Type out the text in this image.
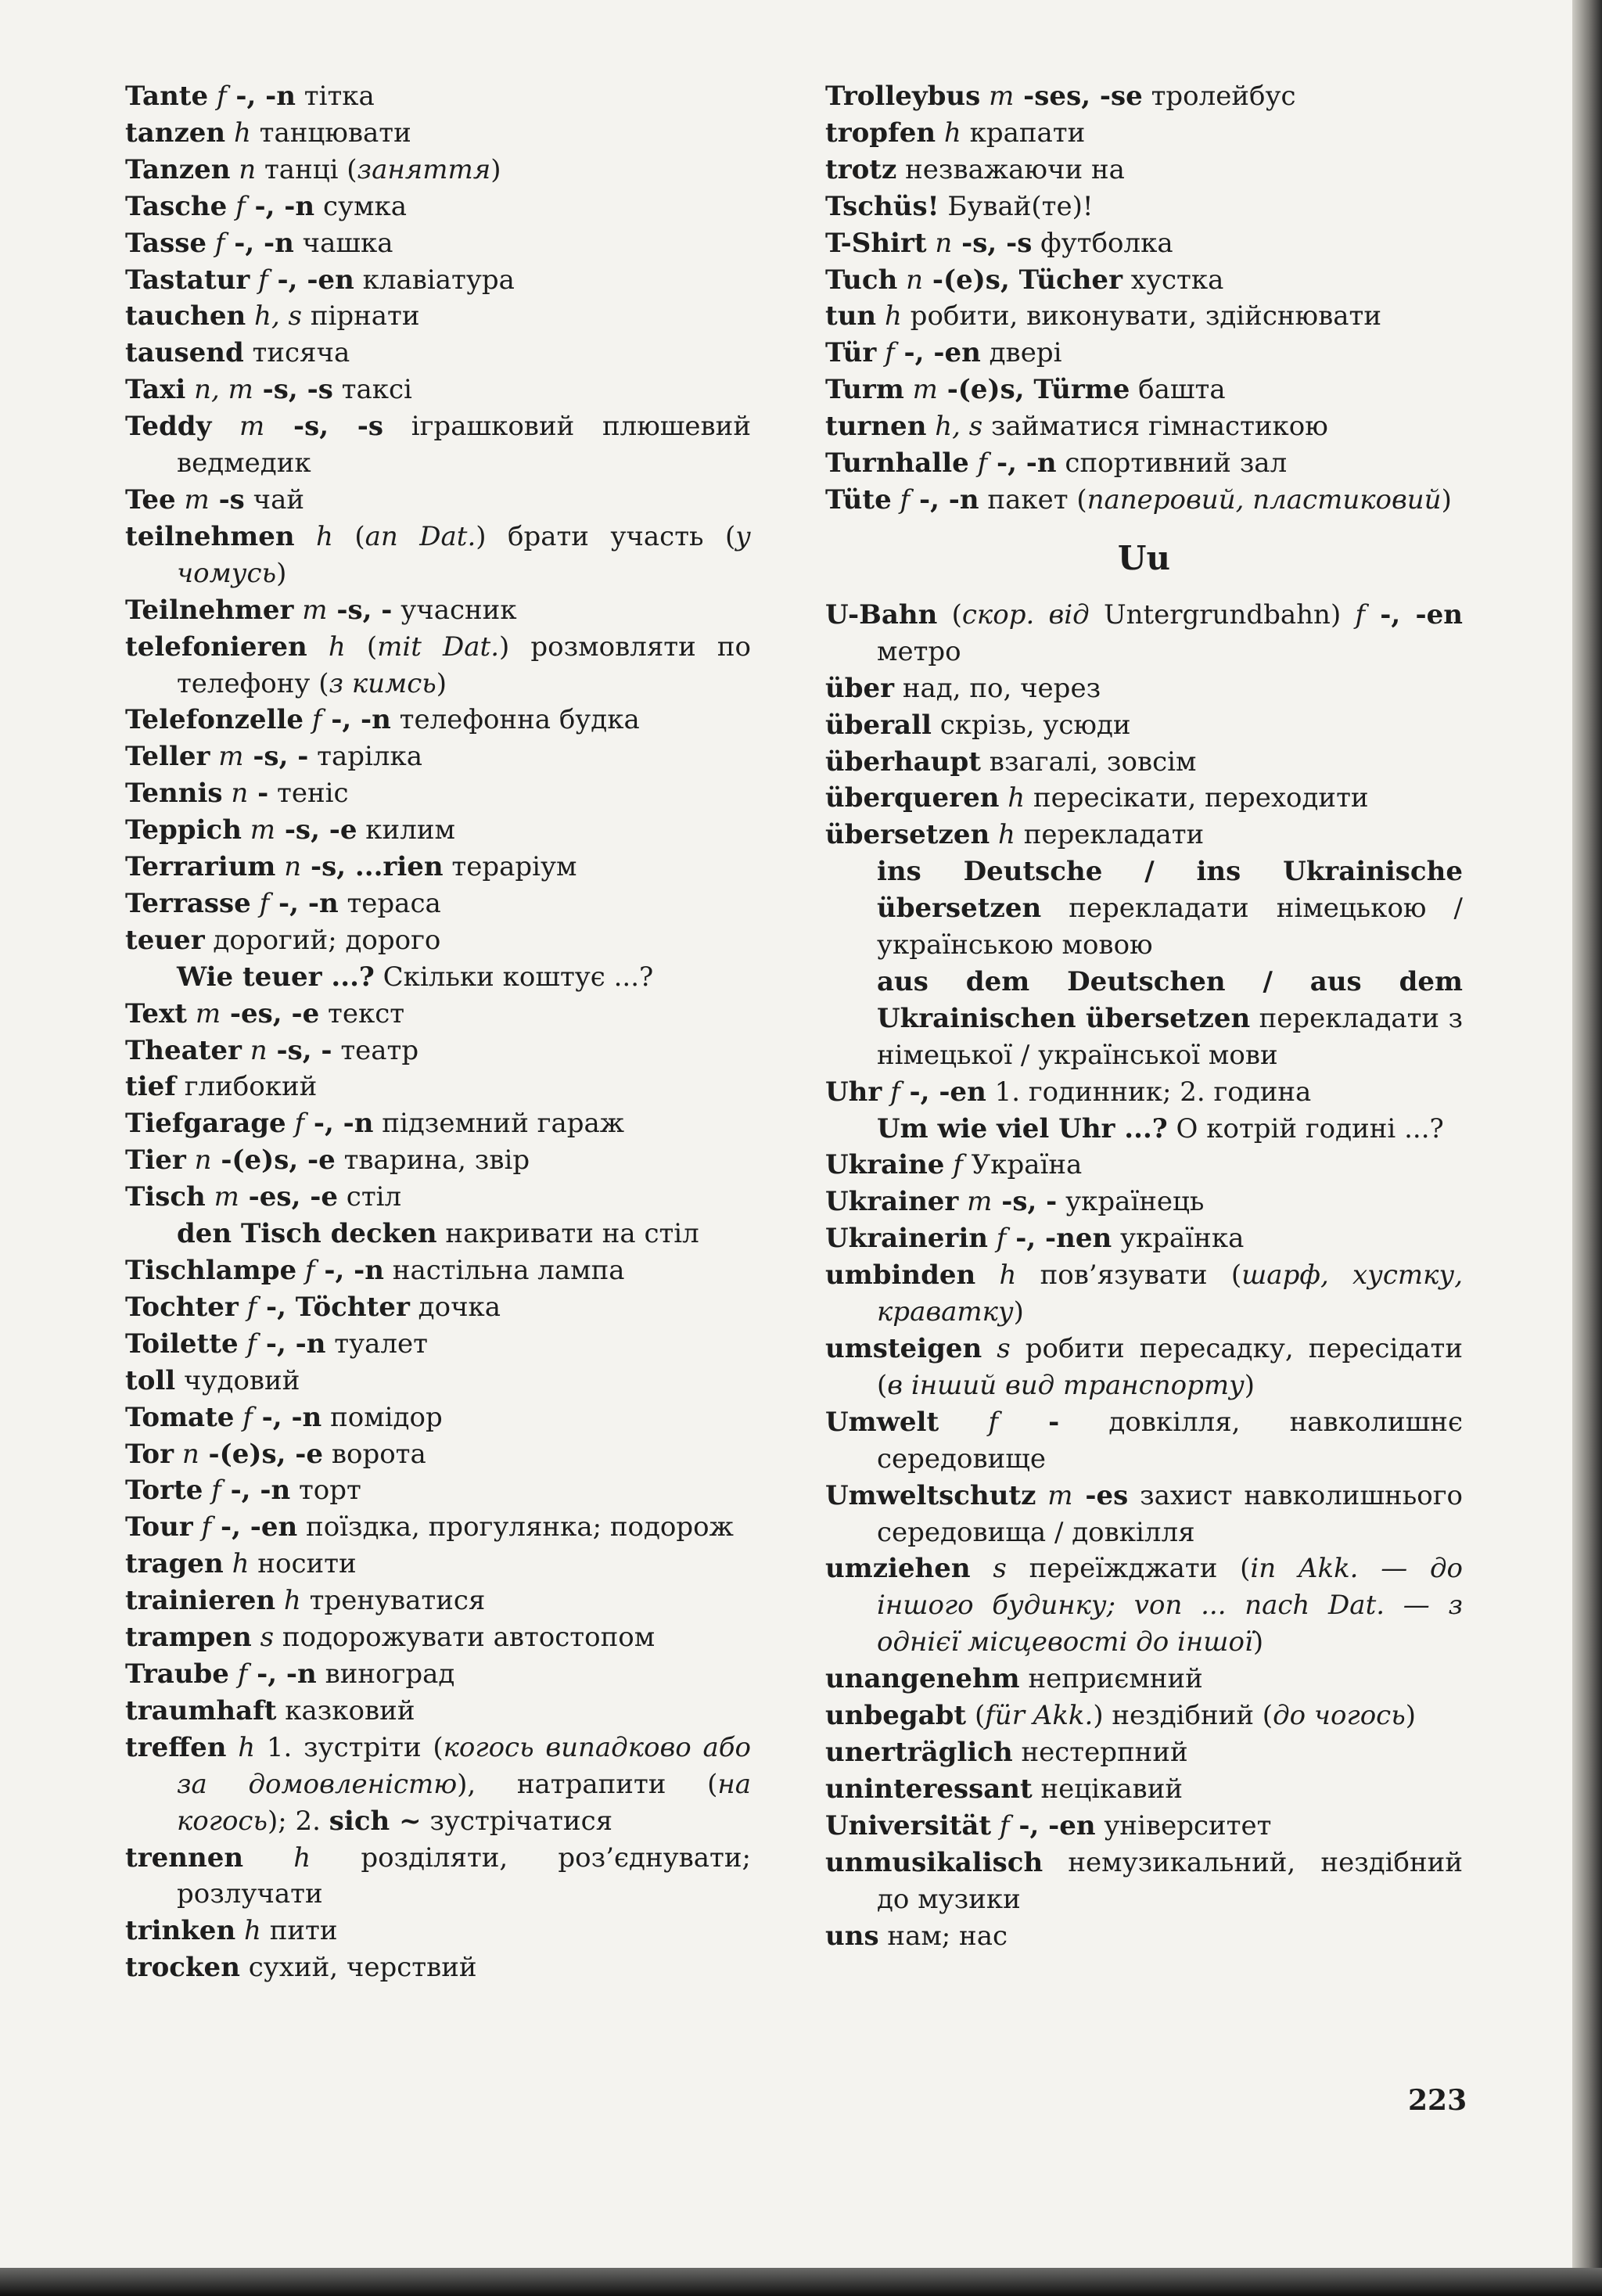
Tante f -, -n тітка

tanzen h танцювати

Tanzen n танці (заняття)

Tasche f -, -n сумка

Tasse f -, -n чашка

Tastatur f -, -en клавіатура

tauchen h, s пірнати

tausend тисяча

Taxi n, m -s, -s таксі

Teddy m -s, -s іграшковий плюшевий ведмедик

Tee m -s чай

teilnehmen h (an Dat.) брати участь (у чомусь)

Teilnehmer m -s, - учасник

telefonieren h (mit Dat.) розмовляти по телефону (з кимсь)

Telefonzelle f -, -n телефонна будка

Teller m -s, - тарілка

Tennis n - теніс

Teppich m -s, -e килим

Terrarium n -s, ...rien тераріум

Terrasse f -, -n тераса

teuer дорогий; дорого

Wie teuer ...? Скільки коштує ...?

Text m -es, -e текст

Theater n -s, - театр

tief глибокий

Tiefgarage f -, -n підземний гараж

Tier n -(e)s, -e тварина, звір

Tisch m -es, -e стіл

den Tisch decken накривати на стіл

Tischlampe f -, -n настільна лампа

Tochter f -, Töchter дочка

Toilette f -, -n туалет

toll чудовий

Tomate f -, -n помідор

Tor n -(e)s, -e ворота

Torte f -, -n торт

Tour f -, -en поїздка, прогулянка; подорож

tragen h носити

trainieren h тренуватися

trampen s подорожувати автостопом

Traube f -, -n виноград

traumhaft казковий

treffen h 1. зустріти (когось випадково або за домовленістю), натрапити (на когось); 2. sich ~ зустрічатися

trennen h розділяти, роз’єднувати; розлучати

trinken h пити

trocken сухий, черствий

Trolleybus m -ses, -se тролейбус

tropfen h крапати

trotz незважаючи на

Tschüs! Бувай(те)!

T-Shirt n -s, -s футболка

Tuch n -(e)s, Tücher хустка

tun h робити, виконувати, здійснювати

Tür f -, -en двері

Turm m -(e)s, Türme башта

turnen h, s займатися гімнастикою

Turnhalle f -, -n спортивний зал

Tüte f -, -n пакет (паперовий, пластиковий)

Uu

U-Bahn (скор. від Untergrundbahn) f -, -en метро

über над, по, через

überall скрізь, усюди

überhaupt взагалі, зовсім

überqueren h пересікати, переходити

übersetzen h перекладати

ins Deutsche / ins Ukrainische übersetzen перекладати німецькою / українською мовою

aus dem Deutschen / aus dem Ukrainischen übersetzen перекладати з німецької / української мови

Uhr f -, -en 1. годинник; 2. година

Um wie viel Uhr ...? О котрій годині ...?

Ukraine f Україна

Ukrainer m -s, - українець

Ukrainerin f -, -nen українка

umbinden h пов’язувати (шарф, хустку, краватку)

umsteigen s робити пересадку, пересідати (в інший вид транспорту)

Umwelt f - довкілля, навколишнє середовище

Umweltschutz m -es захист навколишнього середовища / довкілля

umziehen s переїжджати (in Akk. — до іншого будинку; von ... nach Dat. — з однієї місцевості до іншої)

unangenehm неприємний

unbegabt (für Akk.) нездібний (до чогось)

unerträglich нестерпний

uninteressant нецікавий

Universität f -, -en університет

unmusikalisch немузикальний, нездібний до музики

uns нам; нас

223
